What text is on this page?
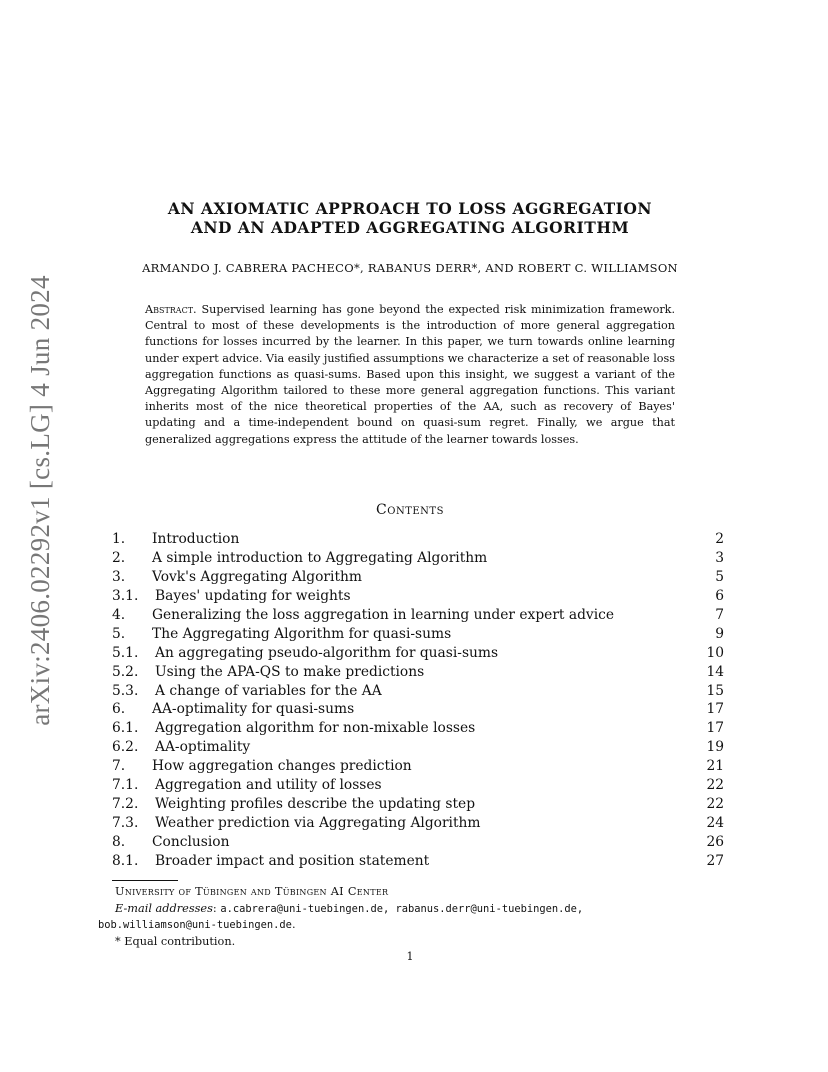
arXiv:2406.02292v1 [cs.LG] 4 Jun 2024
AN AXIOMATIC APPROACH TO LOSS AGGREGATION
AND AN ADAPTED AGGREGATING ALGORITHM
ARMANDO J. CABRERA PACHECO*, RABANUS DERR*, AND ROBERT C. WILLIAMSON
Abstract. Supervised learning has gone beyond the expected risk minimization framework. Central to most of these developments is the introduction of more general aggregation functions for losses incurred by the learner. In this paper, we turn towards online learning under expert advice. Via easily justified assumptions we characterize a set of reasonable loss aggregation functions as quasi-sums. Based upon this insight, we suggest a variant of the Aggregating Algorithm tailored to these more general aggregation functions. This variant inherits most of the nice theoretical properties of the AA, such as recovery of Bayes' updating and a time-independent bound on quasi-sum regret. Finally, we argue that generalized aggregations express the attitude of the learner towards losses.
Contents
1.	Introduction	2
2.	A simple introduction to Aggregating Algorithm	3
3.	Vovk's Aggregating Algorithm	5
3.1.	Bayes' updating for weights	6
4.	Generalizing the loss aggregation in learning under expert advice	7
5.	The Aggregating Algorithm for quasi-sums	9
5.1.	An aggregating pseudo-algorithm for quasi-sums	10
5.2.	Using the APA-QS to make predictions	14
5.3.	A change of variables for the AA	15
6.	AA-optimality for quasi-sums	17
6.1.	Aggregation algorithm for non-mixable losses	17
6.2.	AA-optimality	19
7.	How aggregation changes prediction	21
7.1.	Aggregation and utility of losses	22
7.2.	Weighting profiles describe the updating step	22
7.3.	Weather prediction via Aggregating Algorithm	24
8.	Conclusion	26
8.1.	Broader impact and position statement	27
University of Tübingen and Tübingen AI Center
E-mail addresses: a.cabrera@uni-tuebingen.de, rabanus.derr@uni-tuebingen.de,
bob.williamson@uni-tuebingen.de.
* Equal contribution.
1
